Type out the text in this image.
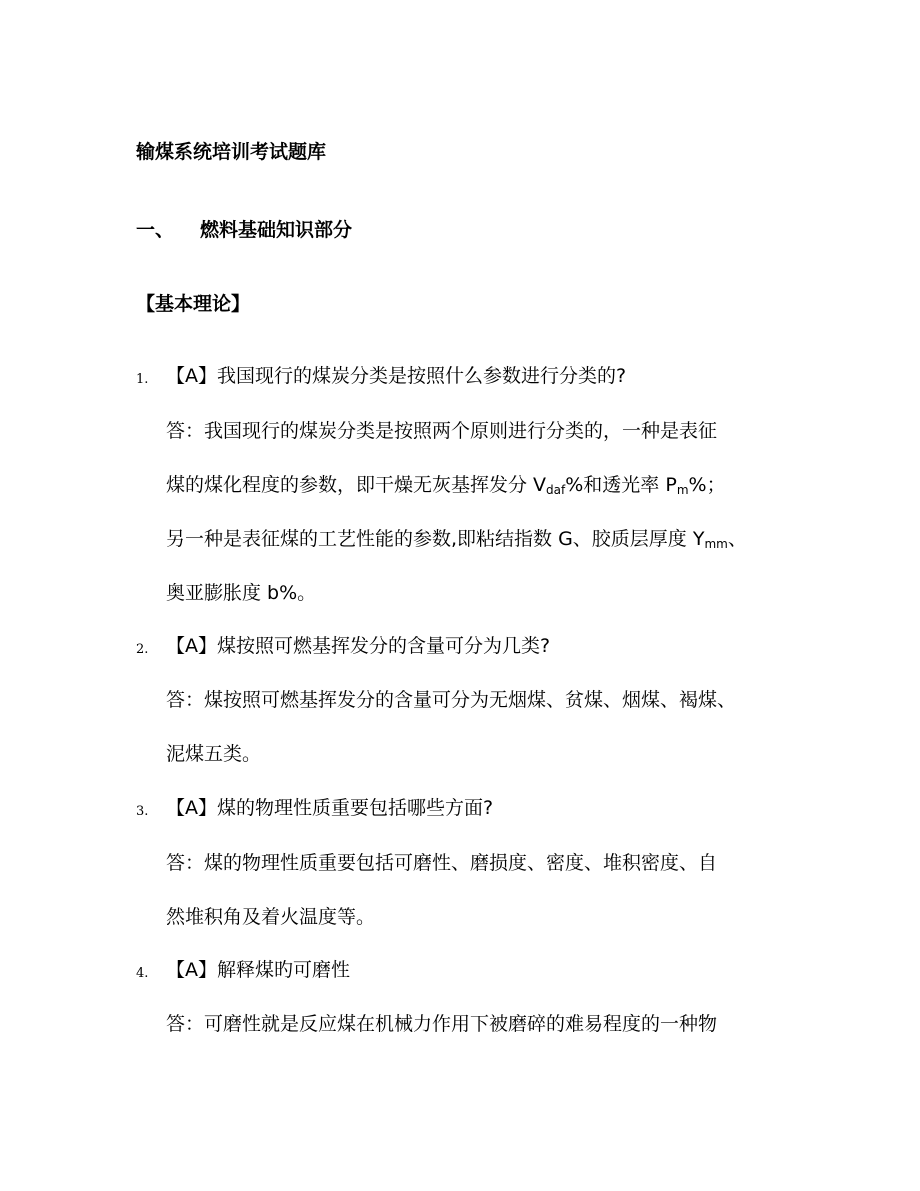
输煤系统培训考试题库
一、 燃料基础知识部分
【基本理论】
1. 【A】我国现行的煤炭分类是按照什么参数进行分类的?
答：我国现行的煤炭分类是按照两个原则进行分类的，一种是表征
煤的煤化程度的参数，即干燥无灰基挥发分 $V_{daf}\%$和透光率 $P_m\%$；
另一种是表征煤的工艺性能的参数,即粘结指数 G、胶质层厚度 $Y_{mm}$、
奥亚膨胀度 b%。
2. 【A】煤按照可燃基挥发分的含量可分为几类?
答：煤按照可燃基挥发分的含量可分为无烟煤、贫煤、烟煤、褐煤、
泥煤五类。
3. 【A】煤的物理性质重要包括哪些方面?
答：煤的物理性质重要包括可磨性、磨损度、密度、堆积密度、自
然堆积角及着火温度等。
4. 【A】解释煤旳可磨性
答：可磨性就是反应煤在机械力作用下被磨碎的难易程度的一种物
